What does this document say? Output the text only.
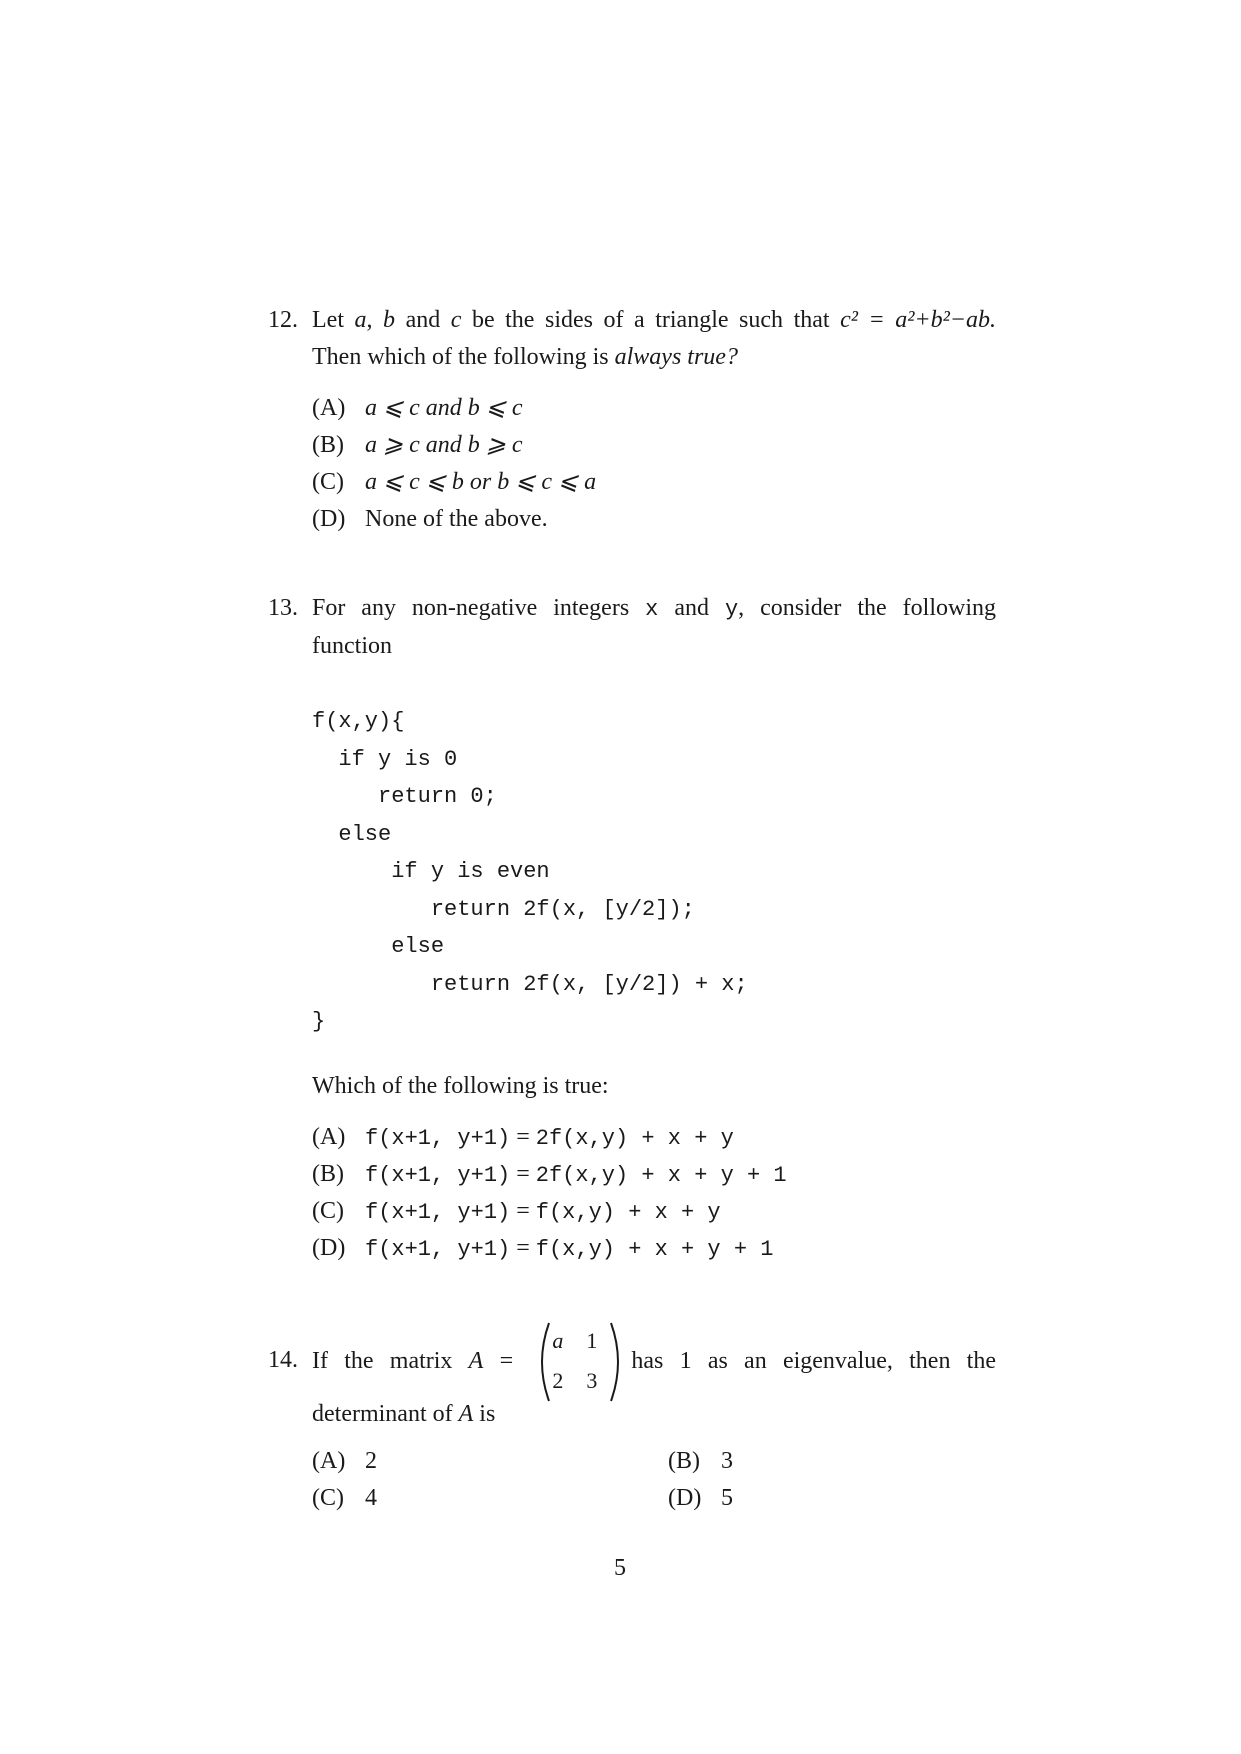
12. Let a, b and c be the sides of a triangle such that c² = a²+b²−ab.
Then which of the following is always true?
(A) a ⩽ c and b ⩽ c
(B) a ⩾ c and b ⩾ c
(C) a ⩽ c ⩽ b or b ⩽ c ⩽ a
(D) None of the above.
13. For any non-negative integers x and y, consider the following
function
f(x,y){
if y is 0
return 0;
else
if y is even
return 2f(x, [y/2]);
else
return 2f(x, [y/2]) + x;
}
Which of the following is true:
(A) f(x+1, y+1) = 2f(x,y) + x + y
(B) f(x+1, y+1) = 2f(x,y) + x + y + 1
(C) f(x+1, y+1) = f(x,y) + x + y
(D) f(x+1, y+1) = f(x,y) + x + y + 1
14. If the matrix A =
a	1
2	3
has 1 as an eigenvalue, then the
determinant of A is
(A) 2	(B) 3
(C) 4	(D) 5
5
